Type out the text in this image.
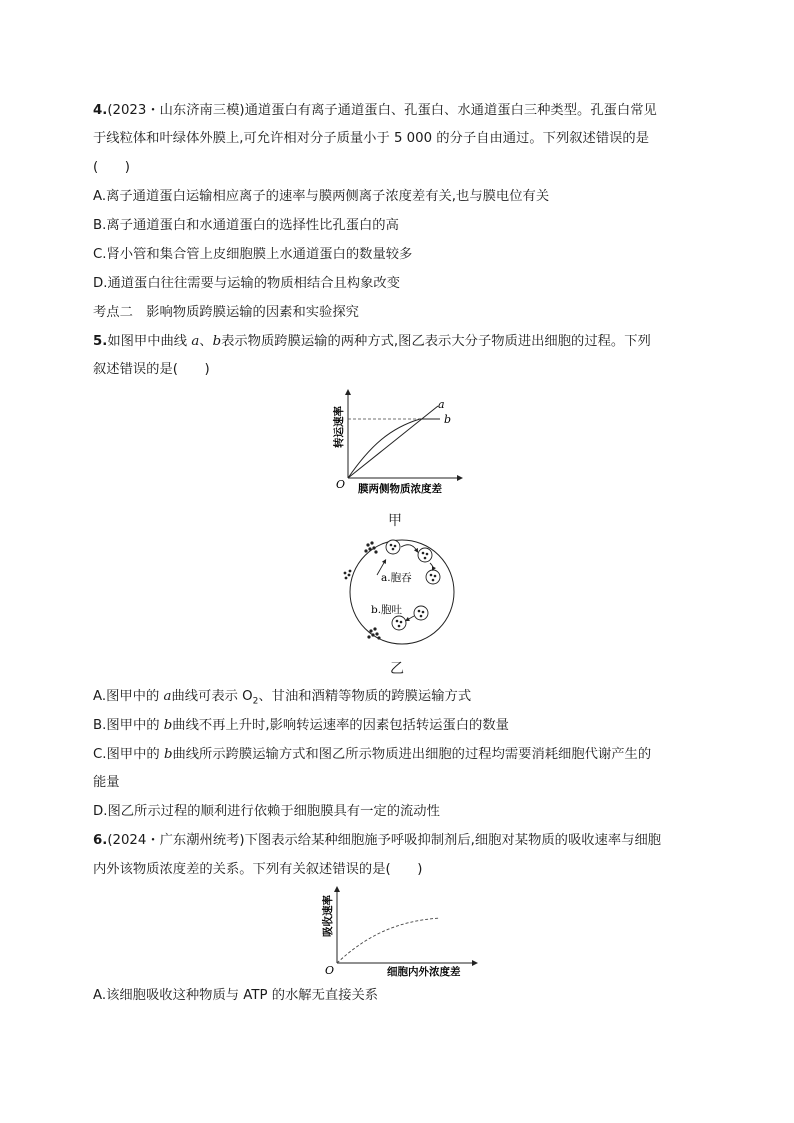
4.(2023・山东济南三模)通道蛋白有离子通道蛋白、孔蛋白、水通道蛋白三种类型。孔蛋白常见
于线粒体和叶绿体外膜上,可允许相对分子质量小于 5 000 的分子自由通过。下列叙述错误的是
(　　)
A.离子通道蛋白运输相应离子的速率与膜两侧离子浓度差有关,也与膜电位有关
B.离子通道蛋白和水通道蛋白的选择性比孔蛋白的高
C.肾小管和集合管上皮细胞膜上水通道蛋白的数量较多
D.通道蛋白往往需要与运输的物质相结合且构象改变
考点二　影响物质跨膜运输的因素和实验探究
5.如图甲中曲线 a、b表示物质跨膜运输的两种方式,图乙表示大分子物质进出细胞的过程。下列
叙述错误的是(　　)
a
b
O 膜两侧物质浓度差
转运速率
甲
a.胞吞
b.胞吐
乙
A.图甲中的 a曲线可表示 $O_2$、甘油和酒精等物质的跨膜运输方式
B.图甲中的 b曲线不再上升时,影响转运速率的因素包括转运蛋白的数量
C.图甲中的 b曲线所示跨膜运输方式和图乙所示物质进出细胞的过程均需要消耗细胞代谢产生的
能量
D.图乙所示过程的顺利进行依赖于细胞膜具有一定的流动性
6.(2024・广东潮州统考)下图表示给某种细胞施予呼吸抑制剂后,细胞对某物质的吸收速率与细胞
内外该物质浓度差的关系。下列有关叙述错误的是(　　)
O	细胞内外浓度差
吸收速率
A.该细胞吸收这种物质与 ATP 的水解无直接关系
